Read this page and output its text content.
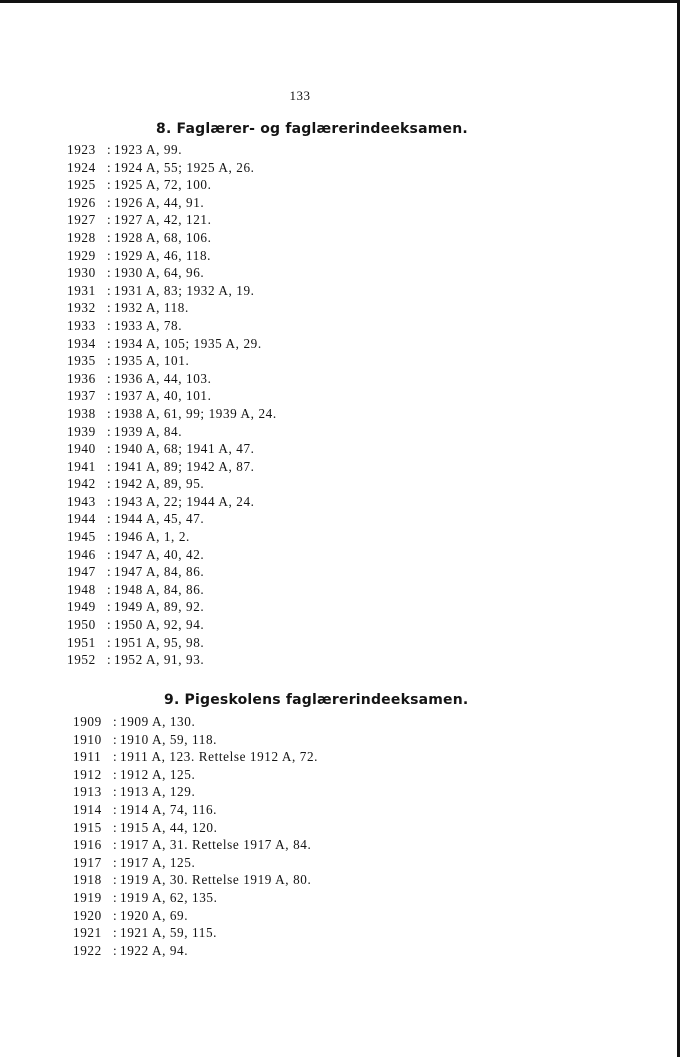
133
8. Faglærer- og faglærerindeeksamen.
1923 : 1923 A, 99.
1924 : 1924 A, 55; 1925 A, 26.
1925 : 1925 A, 72, 100.
1926 : 1926 A, 44, 91.
1927 : 1927 A, 42, 121.
1928 : 1928 A, 68, 106.
1929 : 1929 A, 46, 118.
1930 : 1930 A, 64, 96.
1931 : 1931 A, 83; 1932 A, 19.
1932 : 1932 A, 118.
1933 : 1933 A, 78.
1934 : 1934 A, 105; 1935 A, 29.
1935 : 1935 A, 101.
1936 : 1936 A, 44, 103.
1937 : 1937 A, 40, 101.
1938 : 1938 A, 61, 99; 1939 A, 24.
1939 : 1939 A, 84.
1940 : 1940 A, 68; 1941 A, 47.
1941 : 1941 A, 89; 1942 A, 87.
1942 : 1942 A, 89, 95.
1943 : 1943 A, 22; 1944 A, 24.
1944 : 1944 A, 45, 47.
1945 : 1946 A, 1, 2.
1946 : 1947 A, 40, 42.
1947 : 1947 A, 84, 86.
1948 : 1948 A, 84, 86.
1949 : 1949 A, 89, 92.
1950 : 1950 A, 92, 94.
1951 : 1951 A, 95, 98.
1952 : 1952 A, 91, 93.
9. Pigeskolens faglærerindeeksamen.
1909 : 1909 A, 130.
1910 : 1910 A, 59, 118.
1911 : 1911 A, 123. Rettelse 1912 A, 72.
1912 : 1912 A, 125.
1913 : 1913 A, 129.
1914 : 1914 A, 74, 116.
1915 : 1915 A, 44, 120.
1916 : 1917 A, 31. Rettelse 1917 A, 84.
1917 : 1917 A, 125.
1918 : 1919 A, 30. Rettelse 1919 A, 80.
1919 : 1919 A, 62, 135.
1920 : 1920 A, 69.
1921 : 1921 A, 59, 115.
1922 : 1922 A, 94.
